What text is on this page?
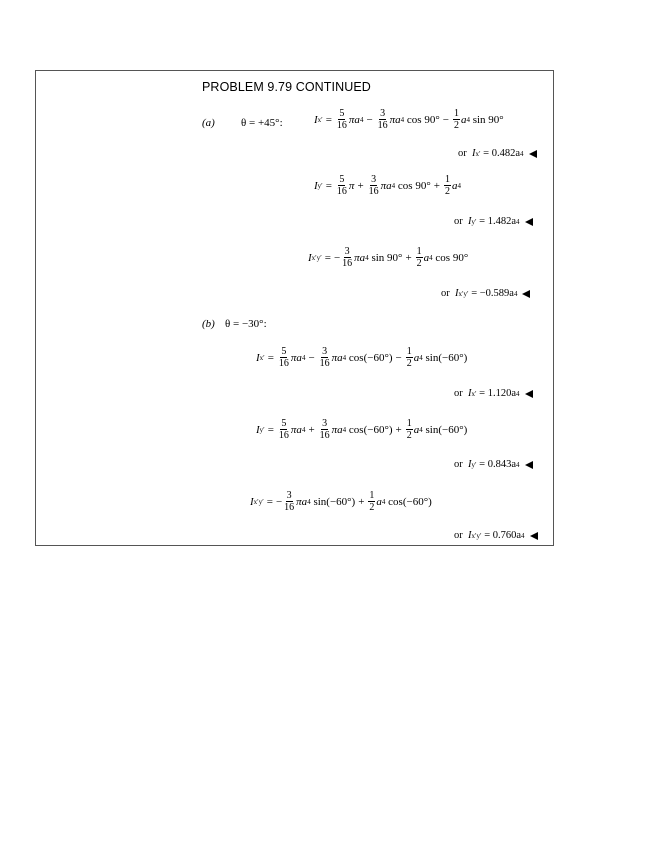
PROBLEM 9.79 CONTINUED
(a) θ = +45°:	I $x' = \frac{5}{16}$ πa $4 - \frac{3}{16}$ πa 4 $\cos 90^\circ - \frac{1}{2}$ a 4 sin 90°
or I x′ = 0.482a 4
I $y' = \frac{5}{16}$ $\pi + \frac{3}{16}$ πa 4 $\cos 90^\circ + \frac{1}{2}$ a 4
or I y′ = 1.482a 4
I x′y′ = − $\frac{3}{16}$ πa 4 $\sin 90^\circ + \frac{1}{2}$ a 4 cos 90°
or I x′y′ = −0.589a 4
(b) θ = −30°:
I $x' = \frac{5}{16}$ πa $4 - \frac{3}{16}$ πa 4 $\cos(-60^\circ) - \frac{1}{2}$ a 4 sin(−60°)
or I x′ = 1.120a 4
I $y' = \frac{5}{16}$ πa $4 + \frac{3}{16}$ πa 4 $\cos(-60^\circ) + \frac{1}{2}$ a 4 sin(−60°)
or I y′ = 0.843a 4
I x′y′ = − $\frac{3}{16}$ πa 4 $\sin(-60^\circ) + \frac{1}{2}$ a 4 cos(−60°)
or I x′y′ = 0.760a 4
